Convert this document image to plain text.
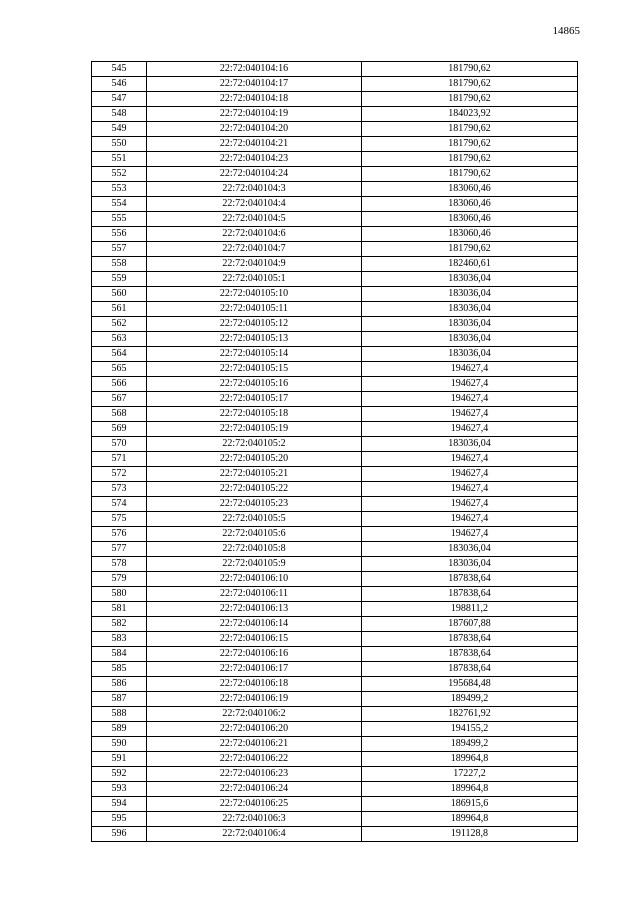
14865
545	22:72:040104:16	181790,62
546	22:72:040104:17	181790,62
547	22:72:040104:18	181790,62
548	22:72:040104:19	184023,92
549	22:72:040104:20	181790,62
550	22:72:040104:21	181790,62
551	22:72:040104:23	181790,62
552	22:72:040104:24	181790,62
553	22:72:040104:3	183060,46
554	22:72:040104:4	183060,46
555	22:72:040104:5	183060,46
556	22:72:040104:6	183060,46
557	22:72:040104:7	181790,62
558	22:72:040104:9	182460,61
559	22:72:040105:1	183036,04
560	22:72:040105:10	183036,04
561	22:72:040105:11	183036,04
562	22:72:040105:12	183036,04
563	22:72:040105:13	183036,04
564	22:72:040105:14	183036,04
565	22:72:040105:15	194627,4
566	22:72:040105:16	194627,4
567	22:72:040105:17	194627,4
568	22:72:040105:18	194627,4
569	22:72:040105:19	194627,4
570	22:72:040105:2	183036,04
571	22:72:040105:20	194627,4
572	22:72:040105:21	194627,4
573	22:72:040105:22	194627,4
574	22:72:040105:23	194627,4
575	22:72:040105:5	194627,4
576	22:72:040105:6	194627,4
577	22:72:040105:8	183036,04
578	22:72:040105:9	183036,04
579	22:72:040106:10	187838,64
580	22:72:040106:11	187838,64
581	22:72:040106:13	198811,2
582	22:72:040106:14	187607,88
583	22:72:040106:15	187838,64
584	22:72:040106:16	187838,64
585	22:72:040106:17	187838,64
586	22:72:040106:18	195684,48
587	22:72:040106:19	189499,2
588	22:72:040106:2	182761,92
589	22:72:040106:20	194155,2
590	22:72:040106:21	189499,2
591	22:72:040106:22	189964,8
592	22:72:040106:23	17227,2
593	22:72:040106:24	189964,8
594	22:72:040106:25	186915,6
595	22:72:040106:3	189964,8
596	22:72:040106:4	191128,8
